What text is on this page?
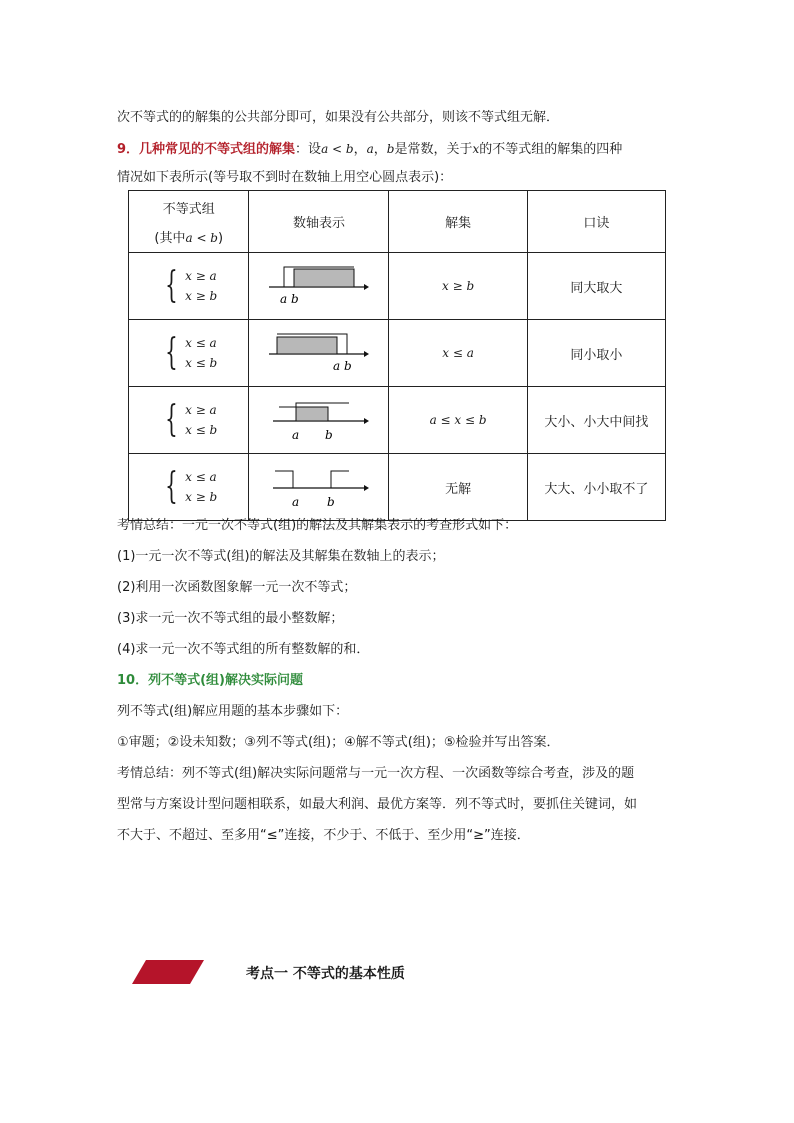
次不等式的的解集的公共部分即可，如果没有公共部分，则该不等式组无解．
9．几种常见的不等式组的解集：设a < b，a，b是常数，关于x的不等式组的解集的四种
情况如下表所示(等号取不到时在数轴上用空心圆点表示)：
不等式组
(其中a < b)	数轴表示	解集	口诀

{ x ≥ a
x ≥ b	a b	x ≥ b	同大取大

{ x ≤ a
x ≤ b	a b	x ≤ a	同小取小

{ x ≥ a
x ≤ b	a b	a ≤ x ≤ b	大小、小大中间找

{ x ≤ a
x ≥ b	a b	无解	大大、小小取不了
考情总结：一元一次不等式(组)的解法及其解集表示的考查形式如下：
(1)一元一次不等式(组)的解法及其解集在数轴上的表示；
(2)利用一次函数图象解一元一次不等式；
(3)求一元一次不等式组的最小整数解；
(4)求一元一次不等式组的所有整数解的和．
10．列不等式(组)解决实际问题
列不等式(组)解应用题的基本步骤如下：
①审题；②设未知数；③列不等式(组)；④解不等式(组)；⑤检验并写出答案．
考情总结：列不等式(组)解决实际问题常与一元一次方程、一次函数等综合考查，涉及的题
型常与方案设计型问题相联系，如最大利润、最优方案等．列不等式时，要抓住关键词，如
不大于、不超过、至多用“≤”连接，不少于、不低于、至少用“≥”连接．
考点一 不等式的基本性质
